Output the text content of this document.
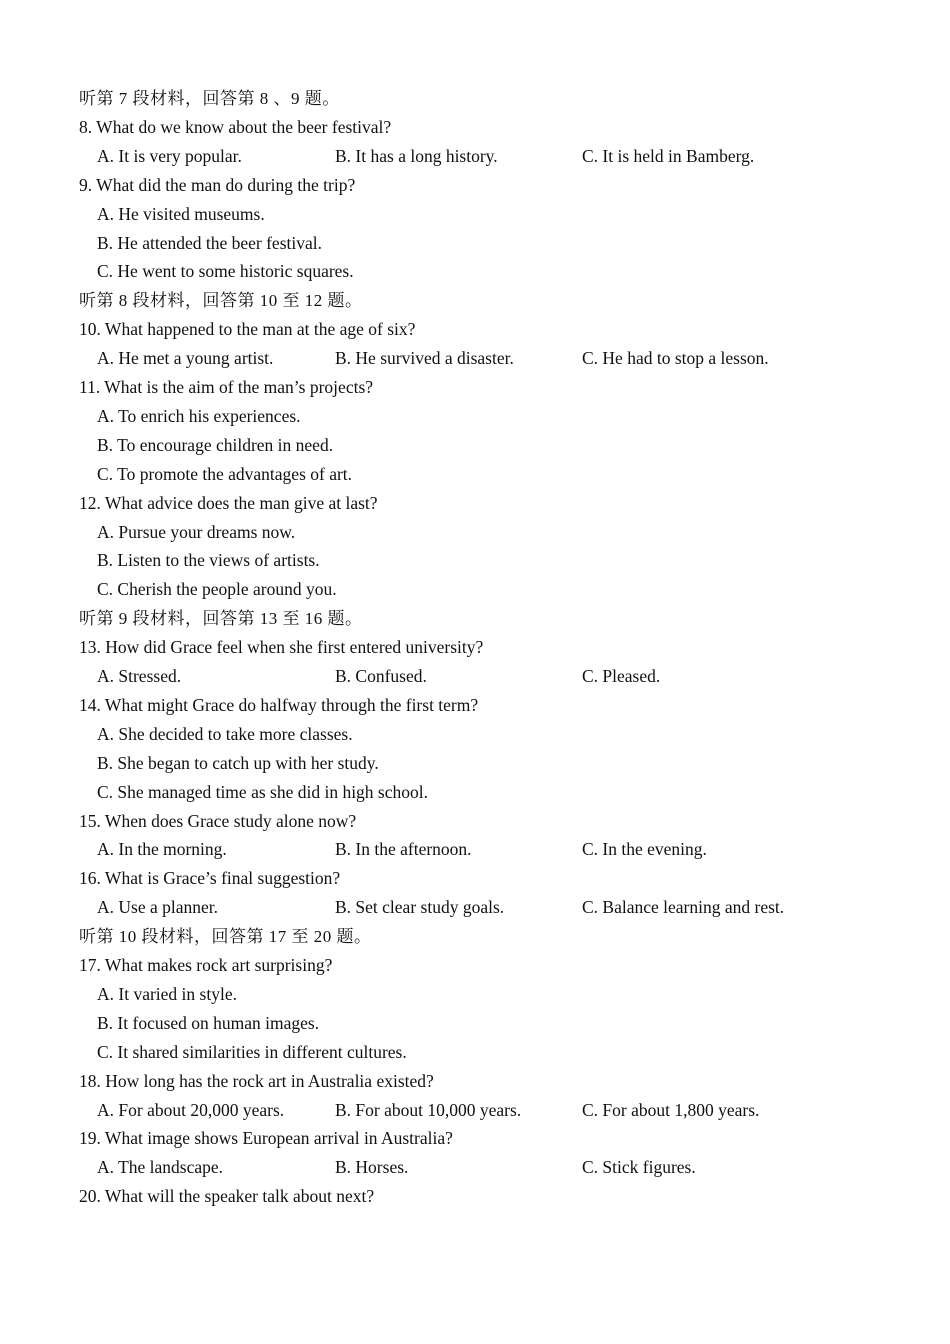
听第 7 段材料，回答第 8 、9 题。
8. What do we know about the beer festival?
A. It is very popular.	B. It has a long history.	C. It is held in Bamberg.
9. What did the man do during the trip?
A. He visited museums.
B. He attended the beer festival.
C. He went to some historic squares.
听第 8 段材料，回答第 10 至 12 题。
10. What happened to the man at the age of six?
A. He met a young artist.	B. He survived a disaster.	C. He had to stop a lesson.
11. What is the aim of the man’s projects?
A. To enrich his experiences.
B. To encourage children in need.
C. To promote the advantages of art.
12. What advice does the man give at last?
A. Pursue your dreams now.
B. Listen to the views of artists.
C. Cherish the people around you.
听第 9 段材料，回答第 13 至 16 题。
13. How did Grace feel when she first entered university?
A. Stressed.	B. Confused.	C. Pleased.
14. What might Grace do halfway through the first term?
A. She decided to take more classes.
B. She began to catch up with her study.
C. She managed time as she did in high school.
15. When does Grace study alone now?
A. In the morning.	B. In the afternoon.	C. In the evening.
16. What is Grace’s final suggestion?
A. Use a planner.	B. Set clear study goals.	C. Balance learning and rest.
听第 10 段材料，回答第 17 至 20 题。
17. What makes rock art surprising?
A. It varied in style.
B. It focused on human images.
C. It shared similarities in different cultures.
18. How long has the rock art in Australia existed?
A. For about 20,000 years.	B. For about 10,000 years.	C. For about 1,800 years.
19. What image shows European arrival in Australia?
A. The landscape.	B. Horses.	C. Stick figures.
20. What will the speaker talk about next?
